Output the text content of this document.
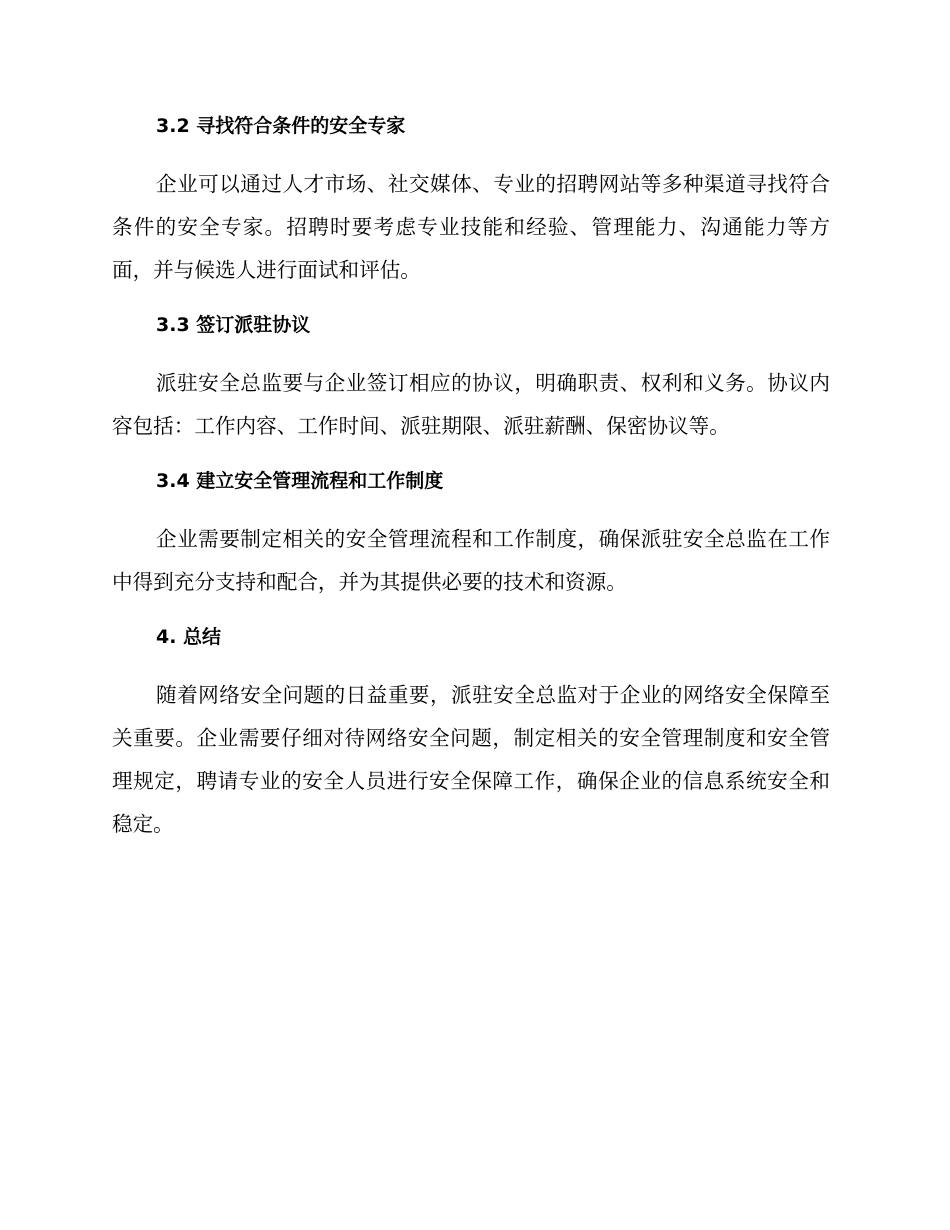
3.2 寻找符合条件的安全专家

企业可以通过人才市场、社交媒体、专业的招聘网站等多种渠道寻找符合条件的安全专家。招聘时要考虑专业技能和经验、管理能力、沟通能力等方面，并与候选人进行面试和评估。

3.3 签订派驻协议

派驻安全总监要与企业签订相应的协议，明确职责、权利和义务。协议内容包括：工作内容、工作时间、派驻期限、派驻薪酬、保密协议等。

3.4 建立安全管理流程和工作制度

企业需要制定相关的安全管理流程和工作制度，确保派驻安全总监在工作中得到充分支持和配合，并为其提供必要的技术和资源。

4. 总结

随着网络安全问题的日益重要，派驻安全总监对于企业的网络安全保障至关重要。企业需要仔细对待网络安全问题，制定相关的安全管理制度和安全管理规定，聘请专业的安全人员进行安全保障工作，确保企业的信息系统安全和稳定。
